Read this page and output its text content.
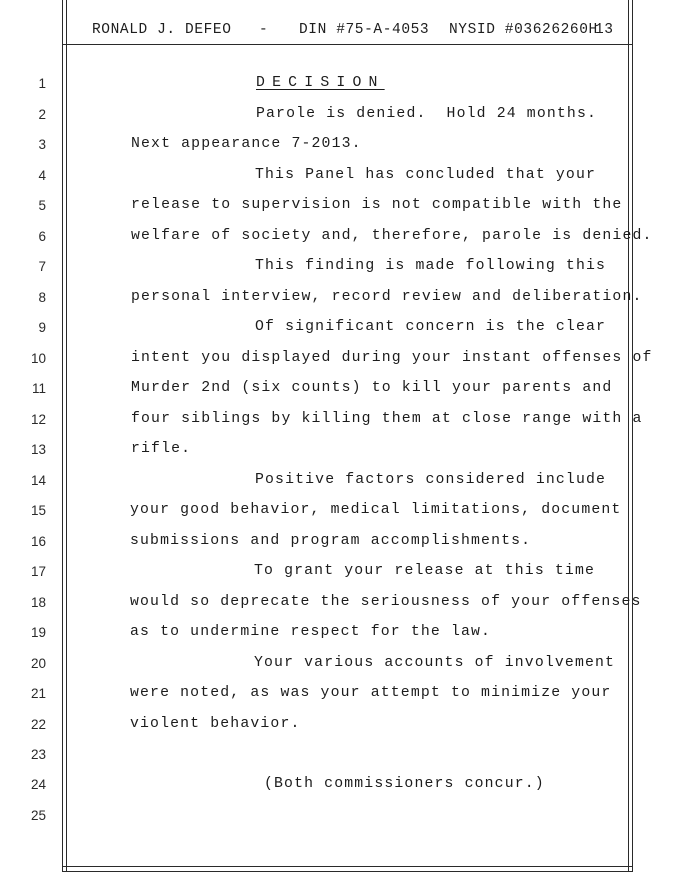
RONALD J. DEFEO

-

DIN #75-A-4053

NYSID #03626260H

13

1
2
3
4
5
6
7
8
9
10
11
12
13
14
15
16
17
18
19
20
21
22
23
24
25
DECISION
Parole is denied.  Hold 24 months.
Next appearance 7-2013.
This Panel has concluded that your
release to supervision is not compatible with the
welfare of society and, therefore, parole is denied.
This finding is made following this
personal interview, record review and deliberation.
Of significant concern is the clear
intent you displayed during your instant offenses of
Murder 2nd (six counts) to kill your parents and
four siblings by killing them at close range with a
rifle.
Positive factors considered include
your good behavior, medical limitations, document
submissions and program accomplishments.
To grant your release at this time
would so deprecate the seriousness of your offenses
as to undermine respect for the law.
Your various accounts of involvement
were noted, as was your attempt to minimize your
violent behavior.
(Both commissioners concur.)
